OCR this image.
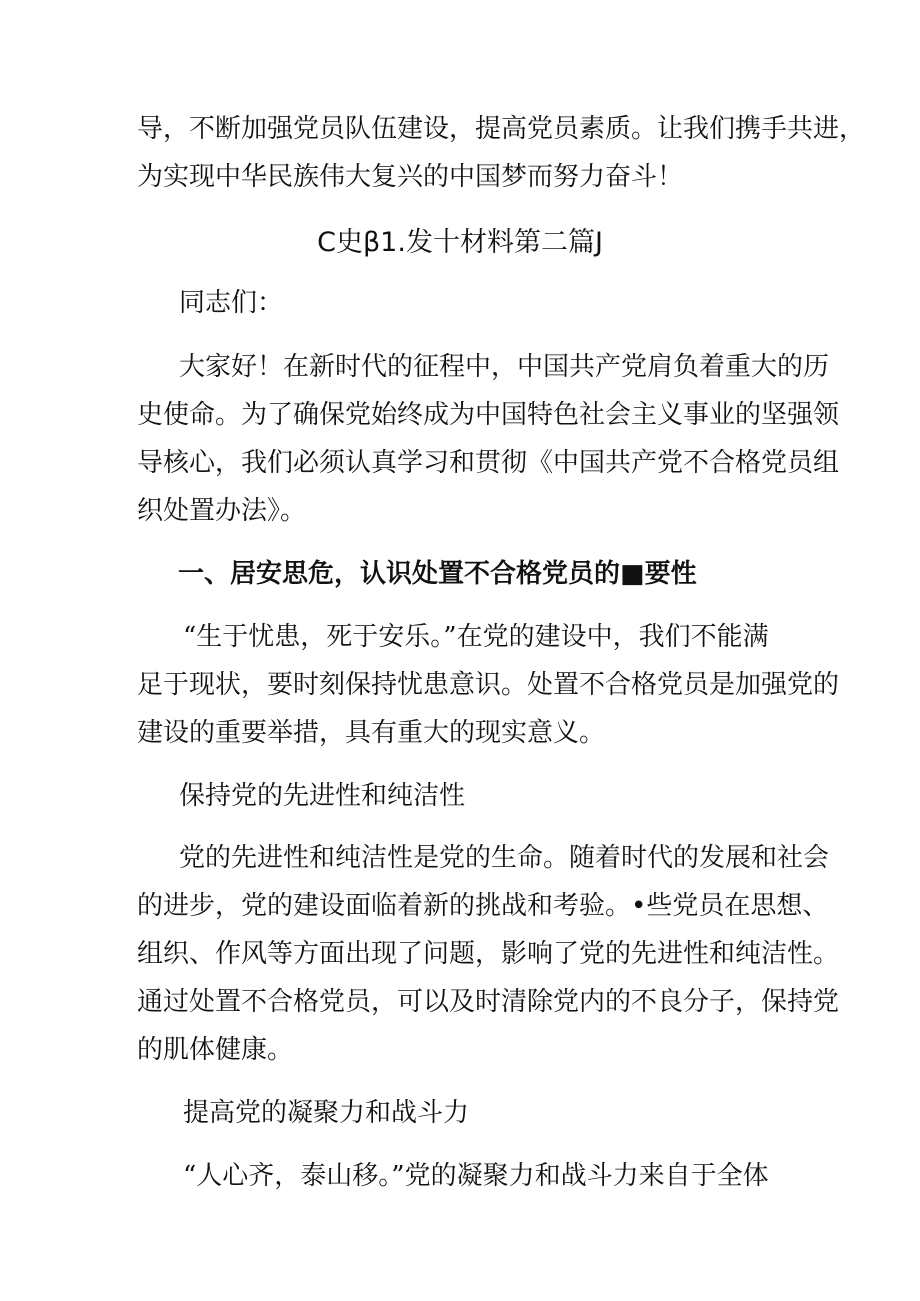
导，不断加强党员队伍建设，提高党员素质。让我们携手共进，
为实现中华民族伟大复兴的中国梦而努力奋斗！
C史β1.发十材料第二篇J
同志们：
大家好！在新时代的征程中，中国共产党肩负着重大的历
史使命。为了确保党始终成为中国特色社会主义事业的坚强领
导核心，我们必须认真学习和贯彻《中国共产党不合格党员组
织处置办法》。
一、居安思危，认识处置不合格党员的■要性
“生于忧患，死于安乐。”在党的建设中，我们不能满
足于现状，要时刻保持忧患意识。处置不合格党员是加强党的
建设的重要举措，具有重大的现实意义。
保持党的先进性和纯洁性
党的先进性和纯洁性是党的生命。随着时代的发展和社会
的进步，党的建设面临着新的挑战和考验。•些党员在思想、
组织、作风等方面出现了问题，影响了党的先进性和纯洁性。
通过处置不合格党员，可以及时清除党内的不良分子，保持党
的肌体健康。
提高党的凝聚力和战斗力
“人心齐，泰山移。”党的凝聚力和战斗力来自于全体
